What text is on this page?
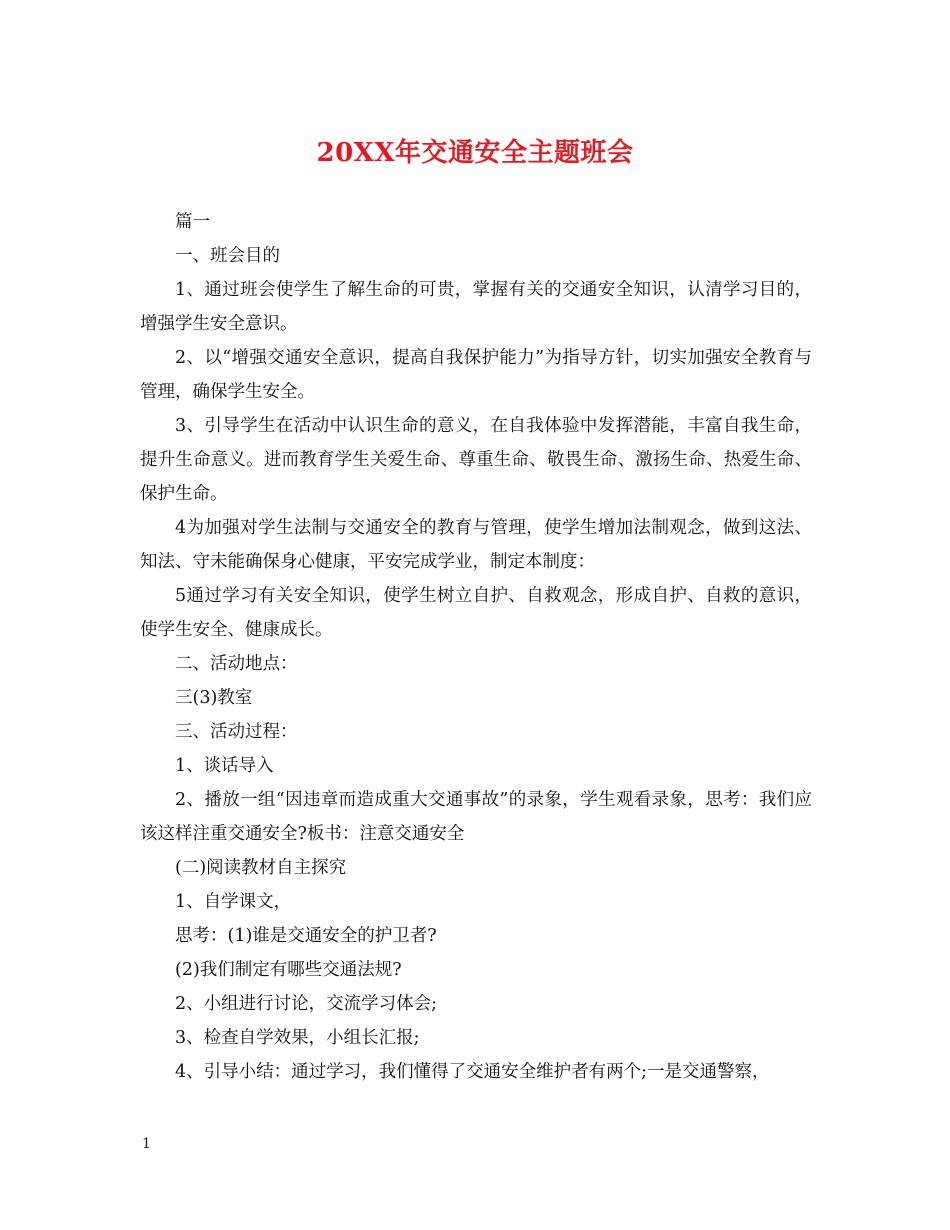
20XX年交通安全主题班会

篇一

一、班会目的

1、通过班会使学生了解生命的可贵，掌握有关的交通安全知识，认清学习目的，增强学生安全意识。

2、以“增强交通安全意识，提高自我保护能力”为指导方针，切实加强安全教育与管理，确保学生安全。

3、引导学生在活动中认识生命的意义，在自我体验中发挥潜能，丰富自我生命，提升生命意义。进而教育学生关爱生命、尊重生命、敬畏生命、激扬生命、热爱生命、保护生命。

4为加强对学生法制与交通安全的教育与管理，使学生增加法制观念，做到这法、知法、守未能确保身心健康，平安完成学业，制定本制度：

5通过学习有关安全知识，使学生树立自护、自救观念，形成自护、自救的意识，使学生安全、健康成长。

二、活动地点：

三(3)教室

三、活动过程：

1、谈话导入

2、播放一组“因违章而造成重大交通事故”的录象，学生观看录象，思考：我们应该这样注重交通安全?板书：注意交通安全

(二)阅读教材自主探究

1、自学课文，

思考：(1)谁是交通安全的护卫者?

(2)我们制定有哪些交通法规?

2、小组进行讨论，交流学习体会;

3、检查自学效果，小组长汇报;

4、引导小结：通过学习，我们懂得了交通安全维护者有两个;一是交通警察，

1
